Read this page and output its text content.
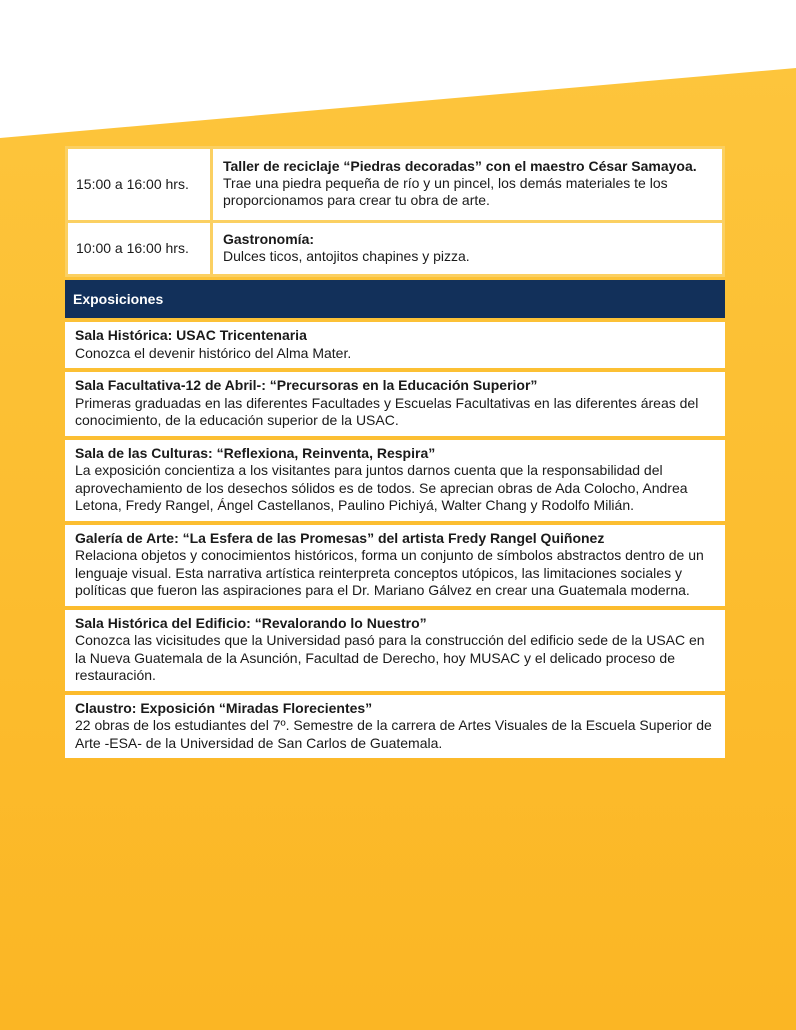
15:00 a 16:00 hrs.	Taller de reciclaje “Piedras decoradas” con el maestro César Samayoa. Trae una piedra pequeña de río y un pincel, los demás materiales te los proporcionamos para crear tu obra de arte.
10:00 a 16:00 hrs.	Gastronomía:
Dulces ticos, antojitos chapines y pizza.
Exposiciones
Sala Histórica: USAC Tricentenaria
Conozca el devenir histórico del Alma Mater.
Sala Facultativa-12 de Abril-: “Precursoras en la Educación Superior”
Primeras graduadas en las diferentes Facultades y Escuelas Facultativas en las diferentes áreas del conocimiento, de la educación superior de la USAC.
Sala de las Culturas: “Reflexiona, Reinventa, Respira”
La exposición concientiza a los visitantes para juntos darnos cuenta que la responsabilidad del aprovechamiento de los desechos sólidos es de todos. Se aprecian obras de Ada Colocho, Andrea Letona, Fredy Rangel, Ángel Castellanos, Paulino Pichiyá, Walter Chang y Rodolfo Milián.
Galería de Arte: “La Esfera de las Promesas” del artista Fredy Rangel Quiñonez
Relaciona objetos y conocimientos históricos, forma un conjunto de símbolos abstractos dentro de un lenguaje visual. Esta narrativa artística reinterpreta conceptos utópicos, las limitaciones sociales y políticas que fueron las aspiraciones para el Dr. Mariano Gálvez en crear una Guatemala moderna.
Sala Histórica del Edificio: “Revalorando lo Nuestro”
Conozca las vicisitudes que la Universidad pasó para la construcción del edificio sede de la USAC en la Nueva Guatemala de la Asunción, Facultad de Derecho, hoy MUSAC y el delicado proceso de restauración.
Claustro: Exposición “Miradas Florecientes”
22 obras de los estudiantes del 7º. Semestre de la carrera de Artes Visuales de la Escuela Superior de Arte -ESA- de la Universidad de San Carlos de Guatemala.
